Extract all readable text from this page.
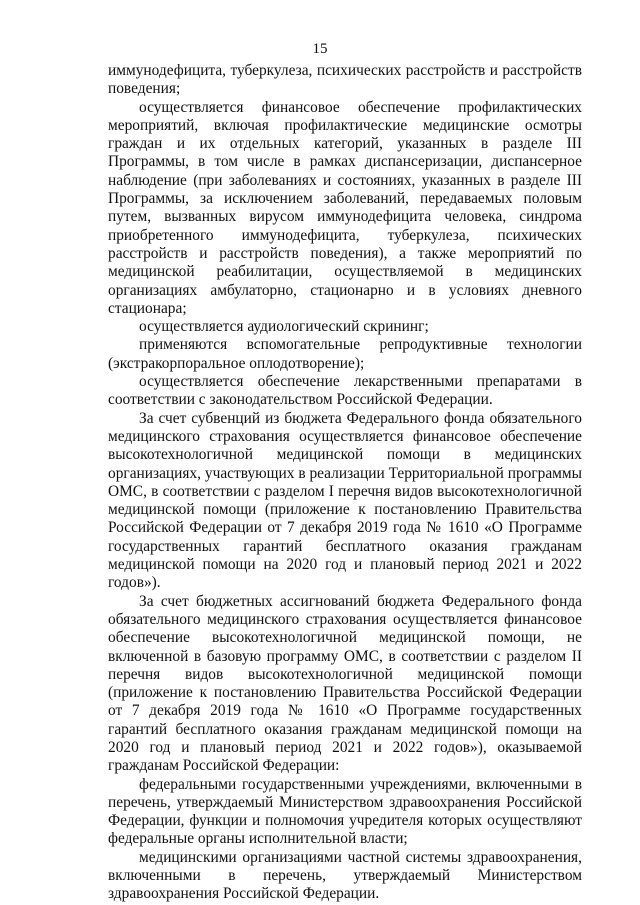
15

иммунодефицита, туберкулеза, психических расстройств и расстройств поведения;

осуществляется финансовое обеспечение профилактических мероприятий, включая профилактические медицинские осмотры граждан и их отдельных категорий, указанных в разделе III Программы, в том числе в рамках диспансеризации, диспансерное наблюдение (при заболеваниях и состояниях, указанных в разделе III Программы, за исключением заболеваний, передаваемых половым путем, вызванных вирусом иммунодефицита человека, синдрома приобретенного иммунодефицита, туберкулеза, психических расстройств и расстройств поведения), а также мероприятий по медицинской реабилитации, осуществляемой в медицинских организациях амбулаторно, стационарно и в условиях дневного стационара;

осуществляется аудиологический скрининг;

применяются вспомогательные репродуктивные технологии (экстракорпоральное оплодотворение);

осуществляется обеспечение лекарственными препаратами в соответствии с законодательством Российской Федерации.

За счет субвенций из бюджета Федерального фонда обязательного медицинского страхования осуществляется финансовое обеспечение высокотехнологичной медицинской помощи в медицинских организациях, участвующих в реализации Территориальной программы ОМС, в соответствии с разделом I перечня видов высокотехнологичной медицинской помощи (приложение к постановлению Правительства Российской Федерации от 7 декабря 2019 года № 1610 «О Программе государственных гарантий бесплатного оказания гражданам медицинской помощи на 2020 год и плановый период 2021 и 2022 годов»).

За счет бюджетных ассигнований бюджета Федерального фонда обязательного медицинского страхования осуществляется финансовое обеспечение высокотехнологичной медицинской помощи, не включенной в базовую программу ОМС, в соответствии с разделом II перечня видов высокотехнологичной медицинской помощи (приложение к постановлению Правительства Российской Федерации от 7 декабря 2019 года № 1610 «О Программе государственных гарантий бесплатного оказания гражданам медицинской помощи на 2020 год и плановый период 2021 и 2022 годов»), оказываемой гражданам Российской Федерации:

федеральными государственными учреждениями, включенными в перечень, утверждаемый Министерством здравоохранения Российской Федерации, функции и полномочия учредителя которых осуществляют федеральные органы исполнительной власти;

медицинскими организациями частной системы здравоохранения, включенными в перечень, утверждаемый Министерством здравоохранения Российской Федерации.
